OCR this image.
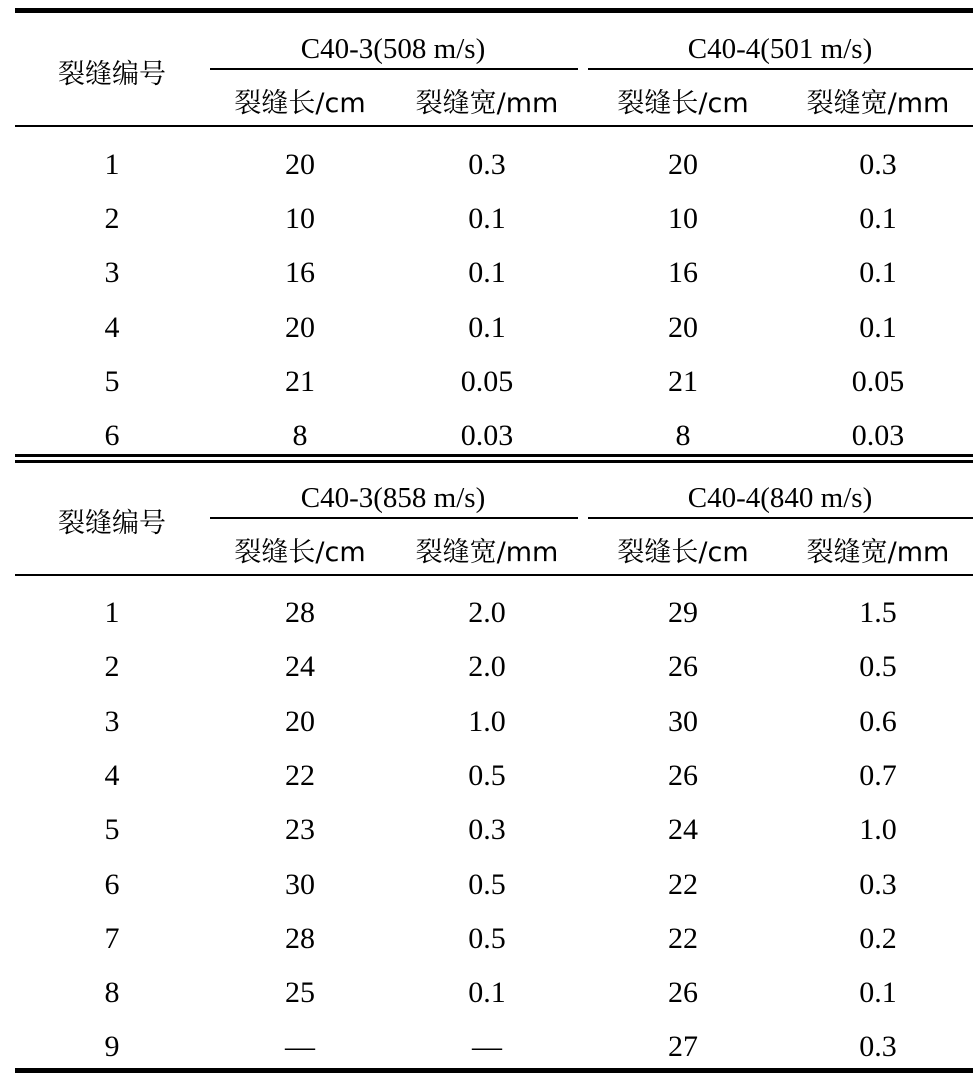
裂缝编号
C40-3(508 m/s)	C40-4(501 m/s)
裂缝长/cm	裂缝宽/mm	裂缝长/cm	裂缝宽/mm
1	20	0.3	20	0.3
2	10	0.1	10	0.1
3	16	0.1	16	0.1
4	20	0.1	20	0.1
5	21	0.05	21	0.05
6	8	0.03	8	0.03
裂缝编号
C40-3(858 m/s)	C40-4(840 m/s)
裂缝长/cm	裂缝宽/mm	裂缝长/cm	裂缝宽/mm
1	28	2.0	29	1.5
2	24	2.0	26	0.5
3	20	1.0	30	0.6
4	22	0.5	26	0.7
5	23	0.3	24	1.0
6	30	0.5	22	0.3
7	28	0.5	22	0.2
8	25	0.1	26	0.1
9	—	—	27	0.3
